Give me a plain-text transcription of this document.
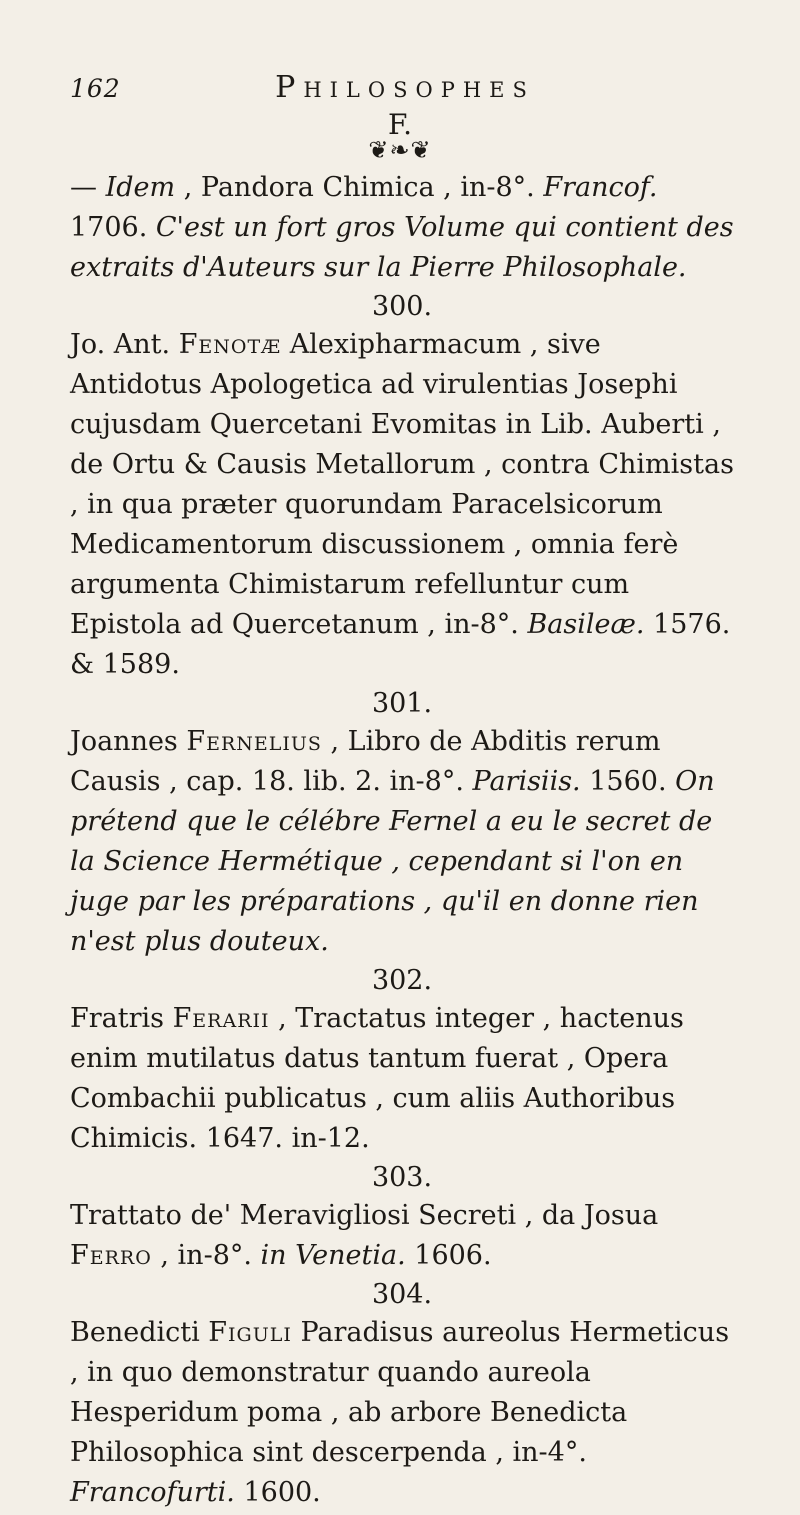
162	Philosophes
F.
❦❧❦

— Idem , Pandora Chimica , in-8°. Francof. 1706. C'est un fort gros Volume qui contient des extraits d'Auteurs sur la Pierre Philosophale.

300.

Jo. Ant. Fenotæ Alexipharmacum , sive Antidotus Apologetica ad virulentias Josephi cujusdam Quercetani Evomitas in Lib. Auberti , de Ortu & Causis Metallorum , contra Chimistas , in qua præter quorundam Paracelsicorum Medicamentorum discussionem , omnia ferè argumenta Chimistarum refelluntur cum Epistola ad Quercetanum , in-8°. Basileæ. 1576. & 1589.

301.

Joannes Fernelius , Libro de Abditis rerum Causis , cap. 18. lib. 2. in-8°. Parisiis. 1560. On prétend que le célébre Fernel a eu le secret de la Science Hermétique , cependant si l'on en juge par les préparations , qu'il en donne rien n'est plus douteux.

302.

Fratris Ferarii , Tractatus integer , hactenus enim mutilatus datus tantum fuerat , Opera Combachii publicatus , cum aliis Authoribus Chimicis. 1647. in-12.

303.

Trattato de' Meravigliosi Secreti , da Josua Ferro , in-8°. in Venetia. 1606.

304.

Benedicti Figuli Paradisus aureolus Hermeticus , in quo demonstratur quando aureola Hesperidum poma , ab arbore Benedicta Philosophica sint descerpenda , in-4°. Francofurti. 1600.
